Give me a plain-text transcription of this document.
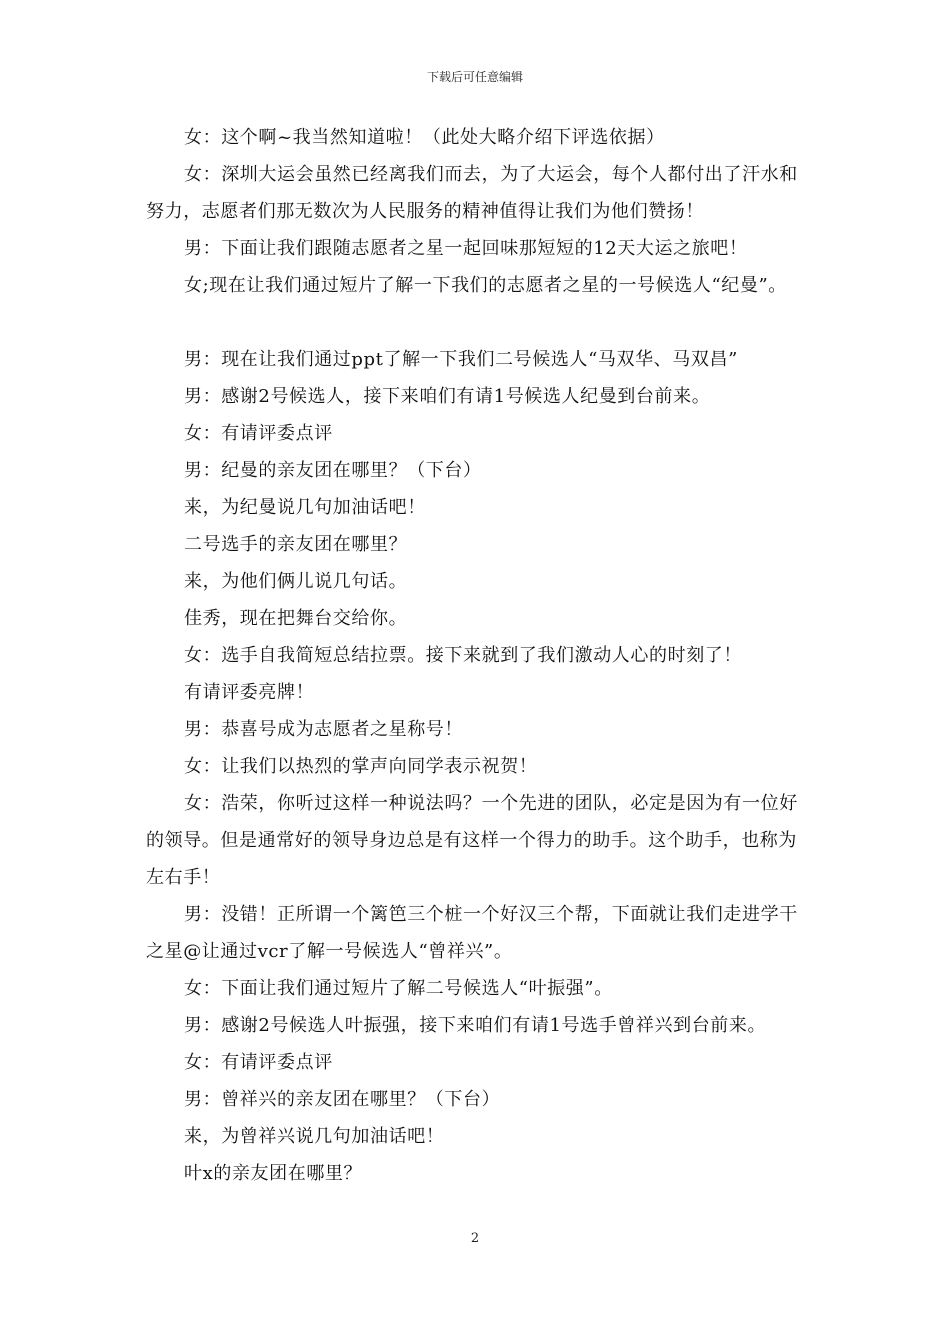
下载后可任意编辑

女：这个啊~我当然知道啦！（此处大略介绍下评选依据）

女：深圳大运会虽然已经离我们而去，为了大运会，每个人都付出了汗水和努力，志愿者们那无数次为人民服务的精神值得让我们为他们赞扬！

男：下面让我们跟随志愿者之星一起回味那短短的12天大运之旅吧！

女;现在让我们通过短片了解一下我们的志愿者之星的一号候选人“纪曼”。

男：现在让我们通过ppt了解一下我们二号候选人“马双华、马双昌”

男：感谢2号候选人，接下来咱们有请1号候选人纪曼到台前来。

女：有请评委点评

男：纪曼的亲友团在哪里？（下台）

来，为纪曼说几句加油话吧！

二号选手的亲友团在哪里？

来，为他们俩儿说几句话。

佳秀，现在把舞台交给你。

女：选手自我简短总结拉票。接下来就到了我们激动人心的时刻了！

有请评委亮牌！

男：恭喜号成为志愿者之星称号！

女：让我们以热烈的掌声向同学表示祝贺！

女：浩荣，你听过这样一种说法吗？一个先进的团队，必定是因为有一位好的领导。但是通常好的领导身边总是有这样一个得力的助手。这个助手，也称为左右手！

男：没错！正所谓一个篱笆三个桩一个好汉三个帮，下面就让我们走进学干之星@让通过vcr了解一号候选人“曾祥兴”。

女：下面让我们通过短片了解二号候选人“叶振强”。

男：感谢2号候选人叶振强，接下来咱们有请1号选手曾祥兴到台前来。

女：有请评委点评

男：曾祥兴的亲友团在哪里？（下台）

来，为曾祥兴说几句加油话吧！

叶x的亲友团在哪里？

2
